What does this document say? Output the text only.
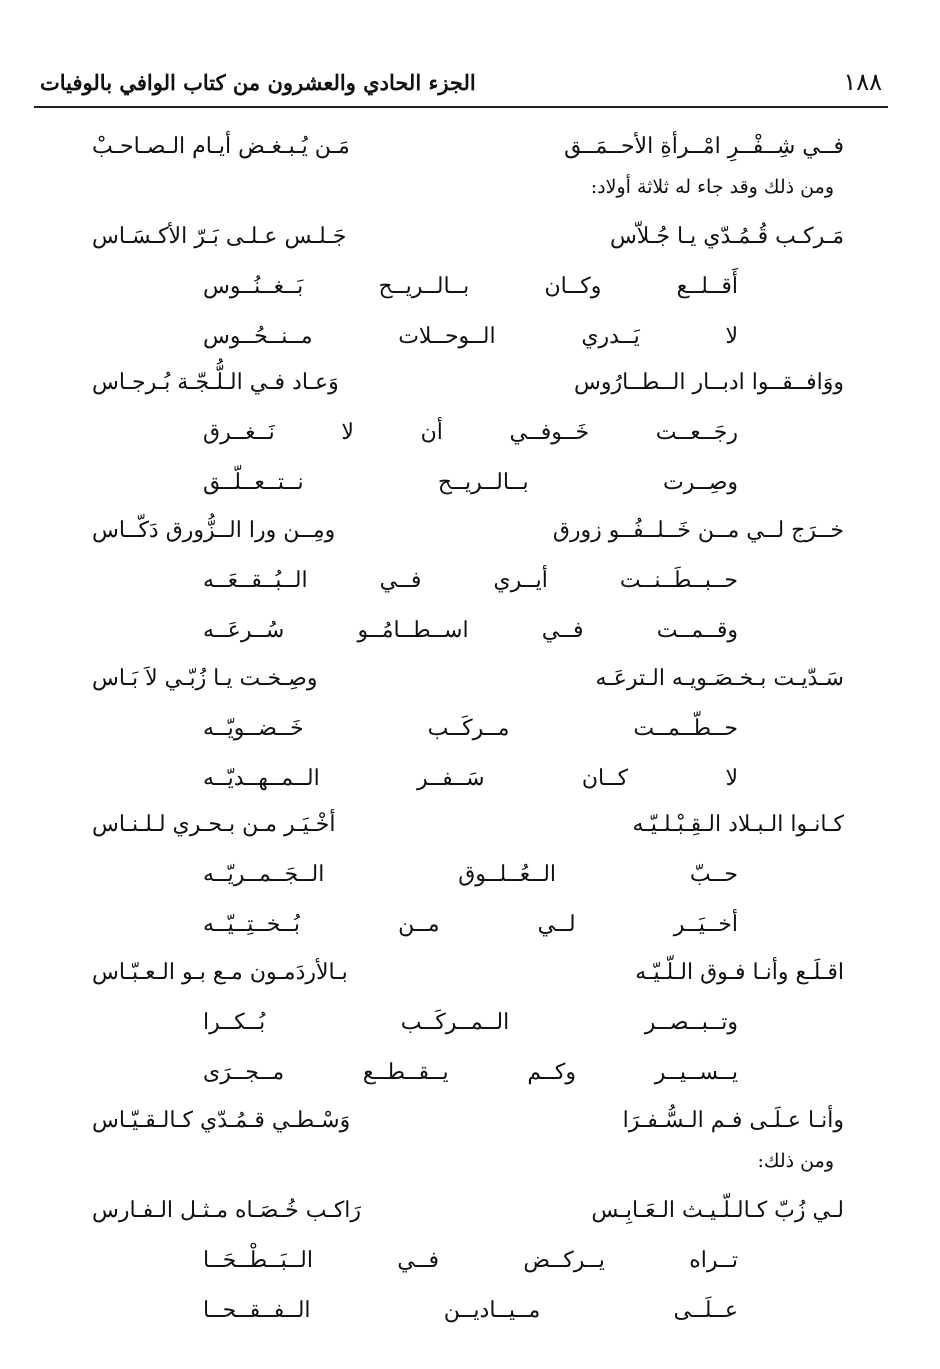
١٨٨
الجزء الحادي والعشرون من كتاب الوافي بالوفيات
فــي شِــفْــرِ امْــرأةِ الأحــمَــق
مَـن يُـبـغـض أيـام الـصـاحـبْ
ومن ذلك وقد جاء له ثلاثة أولاد:
مَـركـب قُـمُـدّي يـا جُـلاّس
جَـلـس عـلـى بَـرّ الأكـسَـاس
أَقــلــع وكــان بــالــريــح بَــغــنُــوس
لا يَــدري الــوحــلات مــنــحُــوس
ووَافــقــوا ادبــار الــطــارُوس
وَعـاد فـي الـلُّـجّـة بُـرجـاس
رجَــعــت خَــوفــي أن لا نَــغــرق
وصِــرت بــالــريــح نــتــعــلّــق
خــرَج لــي مــن خَــلــفُــو زورق
ومِــن ورا الــزُّورق دَكّــاس
حــبــطَــنــت أيــري فــي الــبُــقــعَــه
وقــمــت فــي اســطــامُــو سُــرعَــه
سَـدّيـت بـخـصَـويـه الـترعَـه
وصِـخـت يـا زُبّـي لاَ بَـاس
حــطّــمــت مــركَــب خَــضــويّــه
لا كــان سَــفــر الــمــهــديّــه
كـانـوا الـبـلاد الـقِـبْـلـيّـه
أخْـيَـر مـن بـحـري لـلـنـاس
حــبّ الــعُــلــوق الــجَــمــريّــه
أخــيَــر لــي مــن بُــخــتِــيّــه
اقـلَـع وأنـا فـوق الـلّـيّـه
بـالأردَمـون مـع بـو الـعـبّـاس
وتــبــصــر الــمــركَــب بُــكــرا
يــســيــر وكــم يــقــطــع مــجــرَى
وأنـا عـلَـى فـم الـسُّـفـرَا
وَسْـطـي قـمُـدّي كـالـقـيّـاس
ومن ذلك:
لـي زُبّ كـالـلّـيـث الـعَـابِـس
رَاكـب خُـصَـاه مـثـل الـفـارس
تــراه يــركــض فــي الــبَــطْــحَــا
عــلَــى مــيــاديــن الــفــقــحــا
